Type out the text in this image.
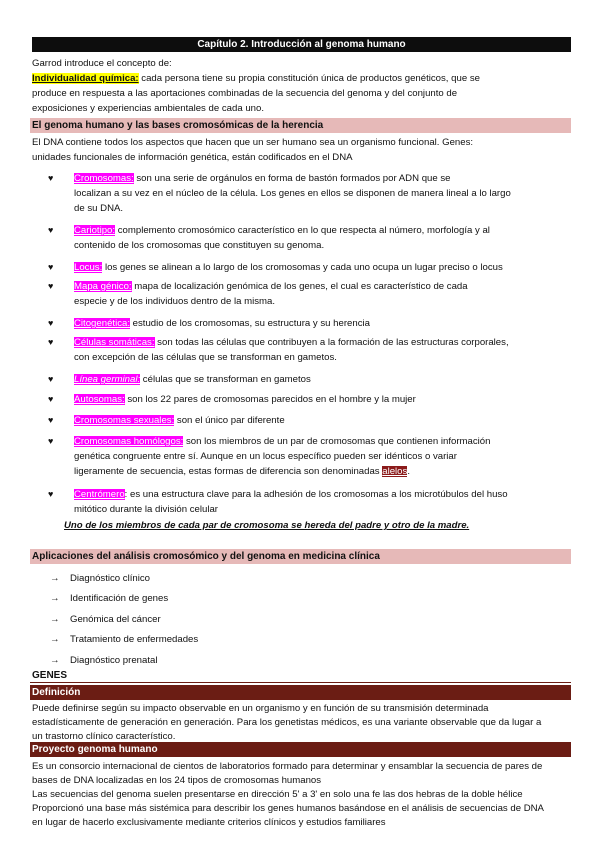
Capítulo 2. Introducción al genoma humano
Garrod introduce el concepto de:
Individualidad química: cada persona tiene su propia constitución única de productos genéticos, que se
produce en respuesta a las aportaciones combinadas de la secuencia del genoma y del conjunto de
exposiciones y experiencias ambientales de cada uno.
El genoma humano y las bases cromosómicas de la herencia
El DNA contiene todos los aspectos que hacen que un ser humano sea un organismo funcional. Genes:
unidades funcionales de información genética, están codificados en el DNA
♥ Cromosomas: son una serie de orgánulos en forma de bastón formados por ADN que se
localizan a su vez en el núcleo de la célula. Los genes en ellos se disponen de manera lineal a lo largo
de su DNA.
♥ Cariotipo: complemento cromosómico característico en lo que respecta al número, morfología y al
contenido de los cromosomas que constituyen su genoma.
♥ Locus: los genes se alinean a lo largo de los cromosomas y cada uno ocupa un lugar preciso o locus
♥ Mapa génico: mapa de localización genómica de los genes, el cual es característico de cada
especie y de los individuos dentro de la misma.
♥ Citogenética: estudio de los cromosomas, su estructura y su herencia
♥ Células somáticas: son todas las células que contribuyen a la formación de las estructuras corporales,
con excepción de las células que se transforman en gametos.
♥ Línea germinal: células que se transforman en gametos
♥ Autosomas: son los 22 pares de cromosomas parecidos en el hombre y la mujer
♥ Cromosomas sexuales: son el único par diferente
♥ Cromosomas homólogos: son los miembros de un par de cromosomas que contienen información
genética congruente entre sí. Aunque en un locus específico pueden ser idénticos o variar
ligeramente de secuencia, estas formas de diferencia son denominadas alelos.
♥ Centrómero: es una estructura clave para la adhesión de los cromosomas a los microtúbulos del huso
mitótico durante la división celular
Uno de los miembros de cada par de cromosoma se hereda del padre y otro de la madre.
Aplicaciones del análisis cromosómico y del genoma en medicina clínica
→ Diagnóstico clínico
→ Identificación de genes
→ Genómica del cáncer
→ Tratamiento de enfermedades
→ Diagnóstico prenatal
GENES
Definición
Puede definirse según su impacto observable en un organismo y en función de su transmisión determinada
estadísticamente de generación en generación. Para los genetistas médicos, es una variante observable que da lugar a
un trastorno clínico característico.
Proyecto genoma humano
Es un consorcio internacional de cientos de laboratorios formado para determinar y ensamblar la secuencia de pares de
bases de DNA localizadas en los 24 tipos de cromosomas humanos
Las secuencias del genoma suelen presentarse en dirección 5' a 3' en solo una fe las dos hebras de la doble hélice
Proporcionó una base más sistémica para describir los genes humanos basándose en el análisis de secuencias de DNA
en lugar de hacerlo exclusivamente mediante criterios clínicos y estudios familiares
